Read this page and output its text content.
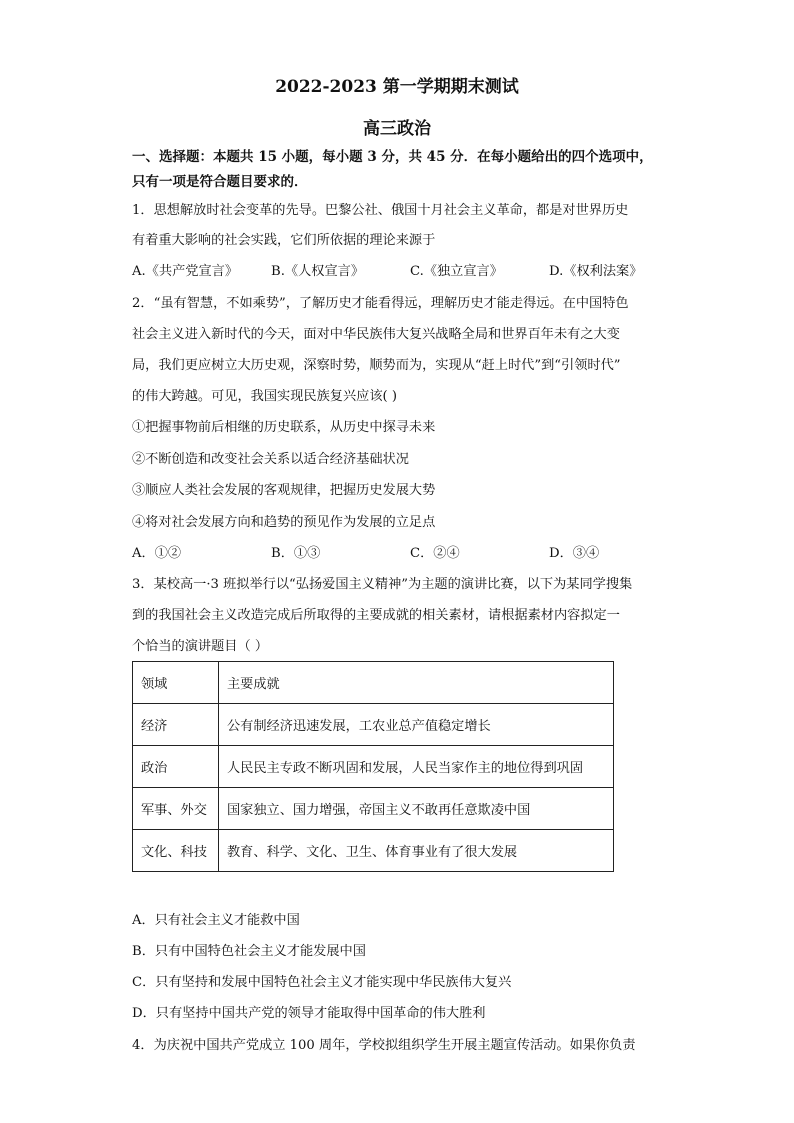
2022-2023 第一学期期末测试
高三政治
一、选择题：本题共 15 小题，每小题 3 分，共 45 分．在每小题给出的四个选项中，
只有一项是符合题目要求的．
1．思想解放时社会变革的先导。巴黎公社、俄国十月社会主义革命，都是对世界历史
有着重大影响的社会实践，它们所依据的理论来源于
A.《共产党宣言》 B.《人权宣言》	C.《独立宣言》	D.《权利法案》
2．“虽有智慧，不如乘势”，了解历史才能看得远，理解历史才能走得远。在中国特色
社会主义进入新时代的今天，面对中华民族伟大复兴战略全局和世界百年未有之大变
局，我们更应树立大历史观，深察时势，顺势而为，实现从“赶上时代”到“引领时代”
的伟大跨越。可见，我国实现民族复兴应该( )
①把握事物前后相继的历史联系，从历史中探寻未来
②不断创造和改变社会关系以适合经济基础状况
③顺应人类社会发展的客观规律，把握历史发展大势
④将对社会发展方向和趋势的预见作为发展的立足点
A．①②	B．①③	C．②④	D．③④
3．某校高一·3 班拟举行以“弘扬爱国主义精神”为主题的演讲比赛，以下为某同学搜集
到的我国社会主义改造完成后所取得的主要成就的相关素材，请根据素材内容拟定一
个恰当的演讲题目（ ）
领域	主要成就
经济	公有制经济迅速发展，工农业总产值稳定增长
政治	人民民主专政不断巩固和发展，人民当家作主的地位得到巩固
军事、外交	国家独立、国力增强，帝国主义不敢再任意欺凌中国
文化、科技	教育、科学、文化、卫生、体育事业有了很大发展
A．只有社会主义才能救中国
B．只有中国特色社会主义才能发展中国
C．只有坚持和发展中国特色社会主义才能实现中华民族伟大复兴
D．只有坚持中国共产党的领导才能取得中国革命的伟大胜利
4．为庆祝中国共产党成立 100 周年，学校拟组织学生开展主题宣传活动。如果你负责
